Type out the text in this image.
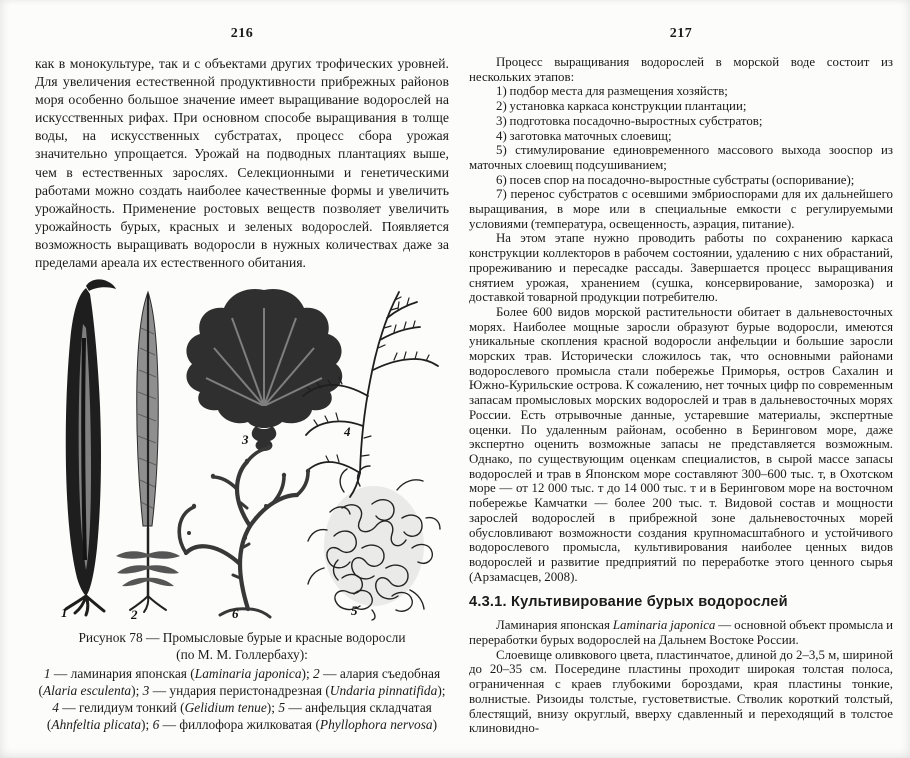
216

как в монокультуре, так и с объектами других трофических уровней. Для увеличения естественной продуктивности прибрежных районов моря особенно большое значение имеет выращивание водорослей на искусственных рифах. При основном способе выращивания в толще воды, на искусственных субстратах, процесс сбора урожая значительно упрощается. Урожай на подводных плантациях выше, чем в естественных зарослях. Селекционными и генетическими работами можно создать наиболее качественные формы и увеличить урожайность. Применение ростовых веществ позволяет увеличить урожайность бурых, красных и зеленых водорослей. Появляется возможность выращивать водоросли в нужных количествах даже за пределами ареала их естественного обитания.

1	2
3
4
5
6
Рисунок 78 — Промысловые бурые и красные водоросли
(по М. М. Голлербаху):
1 — ламинария японская (Laminaria japonica); 2 — алария съедобная (Alaria esculenta); 3 — ундария перистонадрезная (Undaria pinnatifida); 4 — гелидиум тонкий (Gelidium tenue); 5 — анфельция складчатая (Ahnfeltia plicata); 6 — филлофора жилковатая (Phyllophora nervosa)
217

Процесс выращивания водорослей в морской воде состоит из нескольких этапов:

1) подбор места для размещения хозяйств;

2) установка каркаса конструкции плантации;

3) подготовка посадочно-выростных субстратов;

4) заготовка маточных слоевищ;

5) стимулирование единовременного массового выхода зооспор из маточных слоевищ подсушиванием;

6) посев спор на посадочно-выростные субстраты (оспоривание);

7) перенос субстратов с осевшими эмбриоспорами для их дальнейшего выращивания, в море или в специальные емкости с регулируемыми условиями (температура, освещенность, аэрация, питание).

На этом этапе нужно проводить работы по сохранению каркаса конструкции коллекторов в рабочем состоянии, удалению с них обрастаний, прореживанию и пересадке рассады. Завершается процесс выращивания снятием урожая, хранением (сушка, консервирование, заморозка) и доставкой товарной продукции потребителю.

Более 600 видов морской растительности обитает в дальневосточных морях. Наиболее мощные заросли образуют бурые водоросли, имеются уникальные скопления красной водоросли анфельции и большие заросли морских трав. Исторически сложилось так, что основными районами водорослевого промысла стали побережье Приморья, остров Сахалин и Южно-Курильские острова. К сожалению, нет точных цифр по современным запасам промысловых морских водорослей и трав в дальневосточных морях России. Есть отрывочные данные, устаревшие материалы, экспертные оценки. По удаленным районам, особенно в Беринговом море, даже экспертно оценить возможные запасы не представляется возможным. Однако, по существующим оценкам специалистов, в сырой массе запасы водорослей и трав в Японском море составляют 300–600 тыс. т, в Охотском море — от 12 000 тыс. т до 14 000 тыс. т и в Беринговом море на восточном побережье Камчатки — более 200 тыс. т. Видовой состав и мощности зарослей водорослей в прибрежной зоне дальневосточных морей обусловливают возможности создания крупномасштабного и устойчивого водорослевого промысла, культивирования наиболее ценных видов водорослей и развитие предприятий по переработке этого ценного сырья (Арзамасцев, 2008).

4.3.1. Культивирование бурых водорослей

Ламинария японская Laminaria japonica — основной объект промысла и переработки бурых водорослей на Дальнем Востоке России.

Слоевище оливкового цвета, пластинчатое, длиной до 2–3,5 м, шириной до 20–35 см. Посередине пластины проходит широкая толстая полоса, ограниченная с краев глубокими бороздами, края пластины тонкие, волнистые. Ризоиды толстые, густоветвистые. Стволик короткий толстый, блестящий, внизу округлый, вверху сдавленный и переходящий в толстое клиновидно-
